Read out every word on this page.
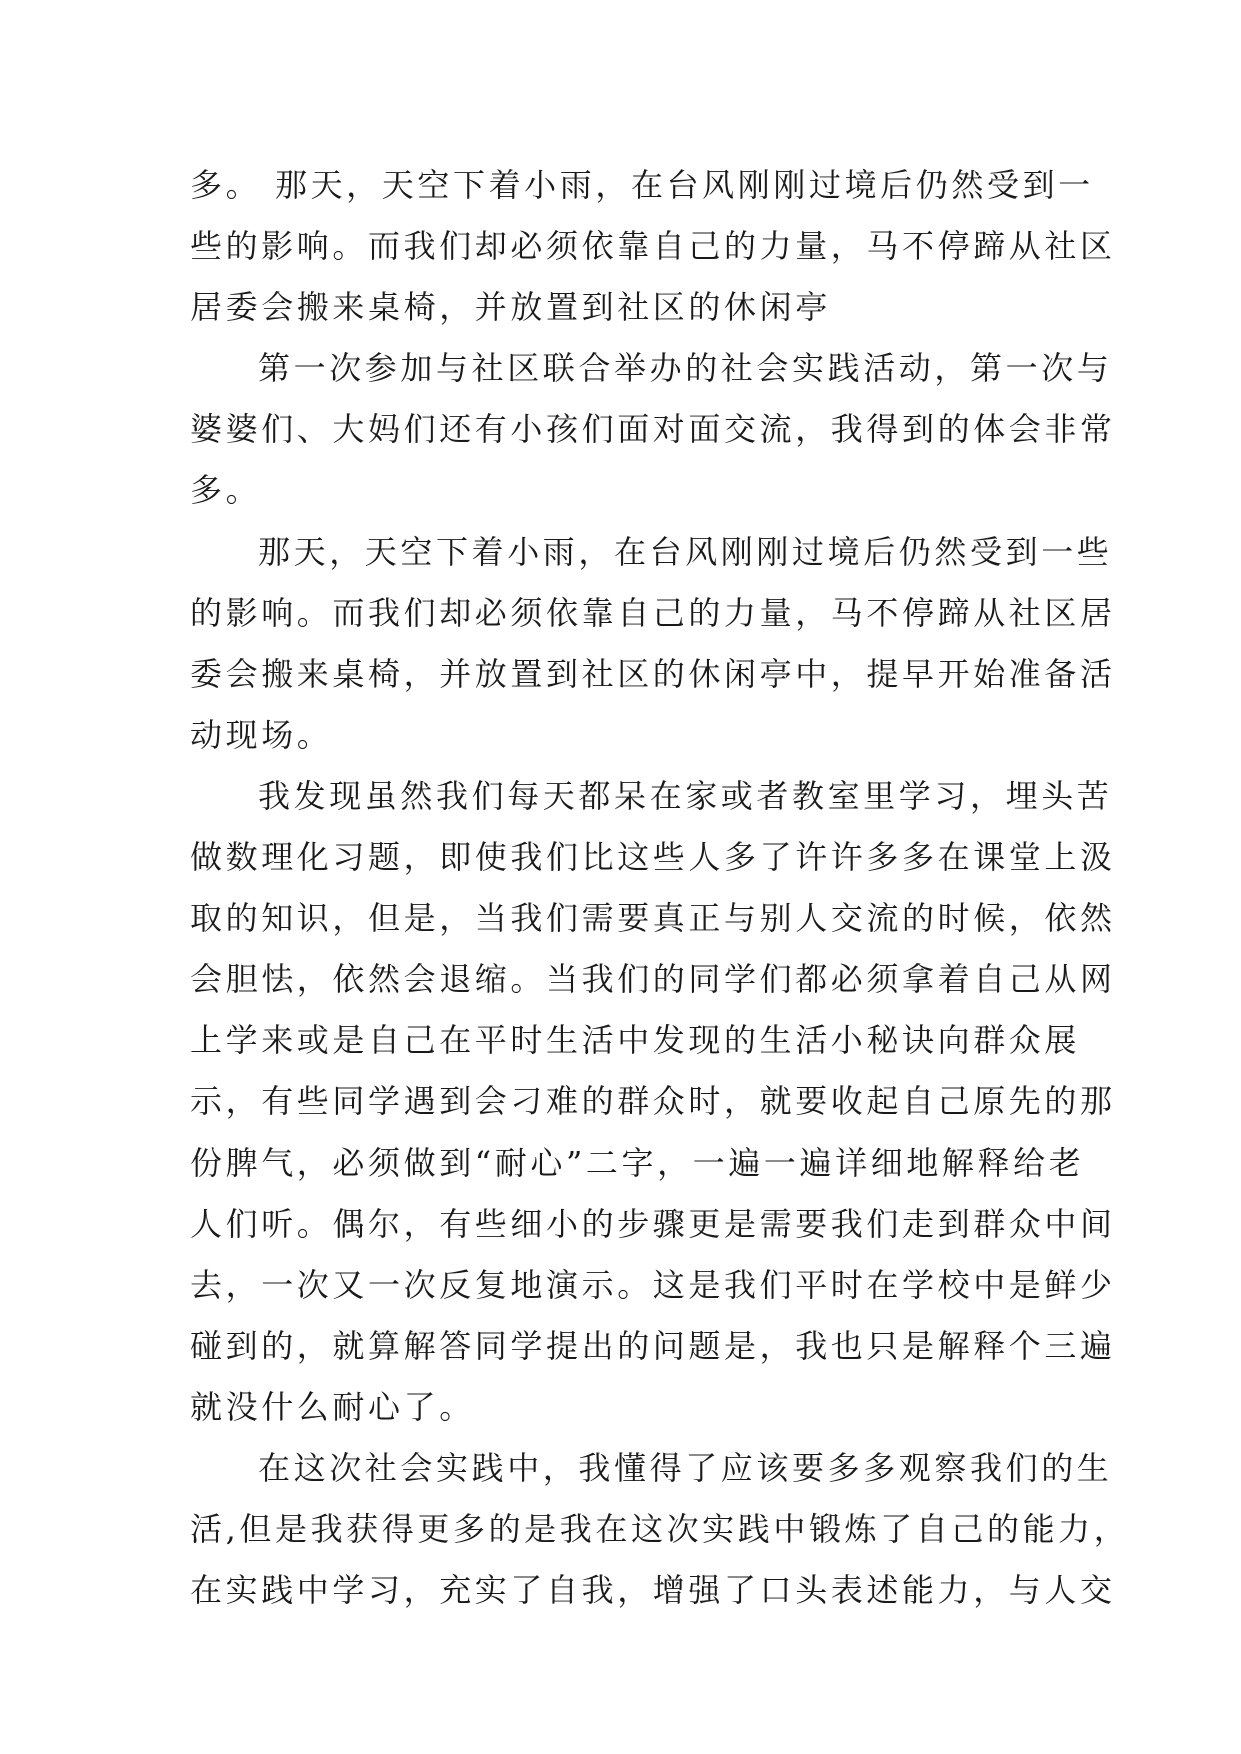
多。 那天，天空下着小雨，在台风刚刚过境后仍然受到一
些的影响。而我们却必须依靠自己的力量，马不停蹄从社区
居委会搬来桌椅，并放置到社区的休闲亭
第一次参加与社区联合举办的社会实践活动，第一次与
婆婆们、大妈们还有小孩们面对面交流，我得到的体会非常
多。
那天，天空下着小雨，在台风刚刚过境后仍然受到一些
的影响。而我们却必须依靠自己的力量，马不停蹄从社区居
委会搬来桌椅，并放置到社区的休闲亭中，提早开始准备活
动现场。
我发现虽然我们每天都呆在家或者教室里学习，埋头苦
做数理化习题，即使我们比这些人多了许许多多在课堂上汲
取的知识，但是，当我们需要真正与别人交流的时候，依然
会胆怯，依然会退缩。当我们的同学们都必须拿着自己从网
上学来或是自己在平时生活中发现的生活小秘诀向群众展
示，有些同学遇到会刁难的群众时，就要收起自己原先的那
份脾气，必须做到“耐心”二字，一遍一遍详细地解释给老
人们听。偶尔，有些细小的步骤更是需要我们走到群众中间
去，一次又一次反复地演示。这是我们平时在学校中是鲜少
碰到的，就算解答同学提出的问题是，我也只是解释个三遍
就没什么耐心了。
在这次社会实践中，我懂得了应该要多多观察我们的生
活,但是我获得更多的是我在这次实践中锻炼了自己的能力，
在实践中学习，充实了自我，增强了口头表述能力，与人交
